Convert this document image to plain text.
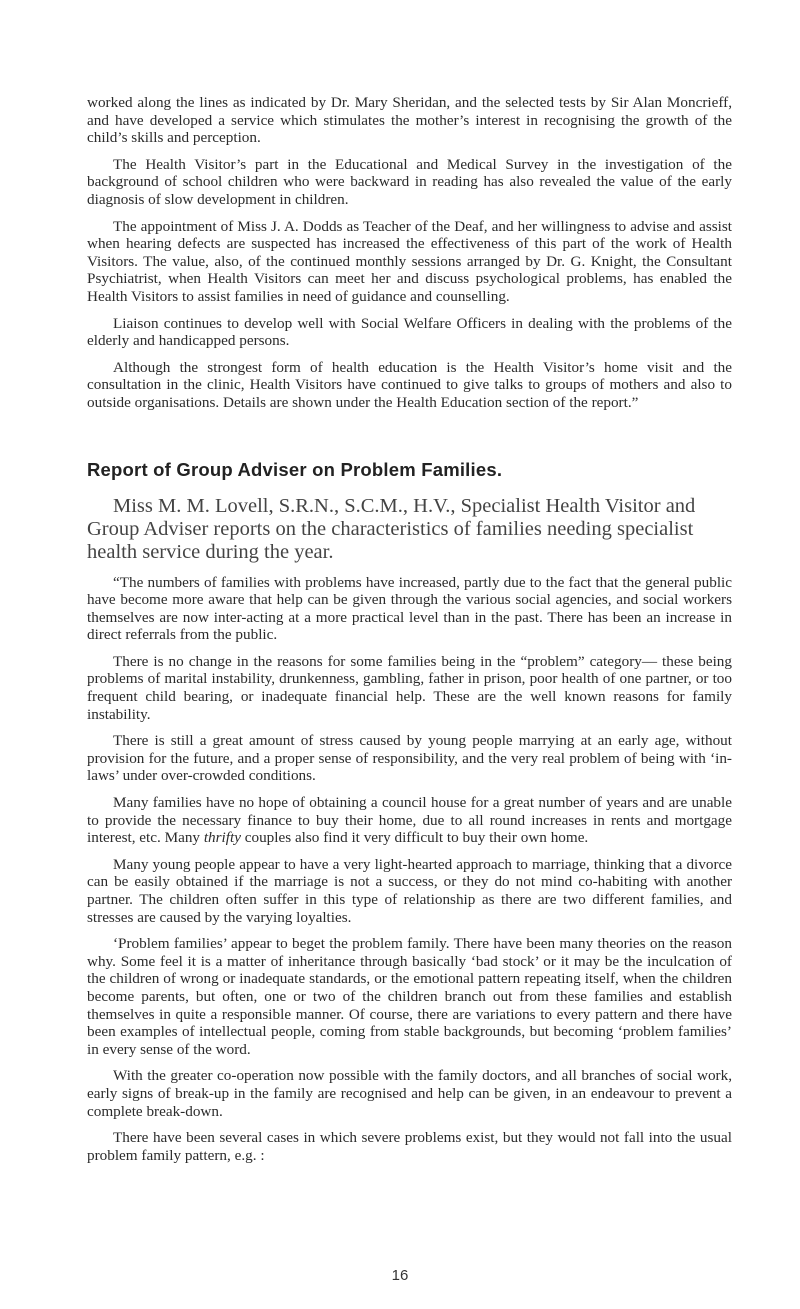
worked along the lines as indicated by Dr. Mary Sheridan, and the selected tests by Sir Alan Moncrieff, and have developed a service which stimulates the mother’s interest in recognising the growth of the child’s skills and perception.

The Health Visitor’s part in the Educational and Medical Survey in the investigation of the background of school children who were backward in reading has also revealed the value of the early diagnosis of slow development in children.

The appointment of Miss J. A. Dodds as Teacher of the Deaf, and her willingness to advise and assist when hearing defects are suspected has increased the effectiveness of this part of the work of Health Visitors. The value, also, of the continued monthly sessions arranged by Dr. G. Knight, the Consultant Psychiatrist, when Health Visitors can meet her and discuss psychological problems, has enabled the Health Visitors to assist families in need of guidance and counselling.

Liaison continues to develop well with Social Welfare Officers in dealing with the problems of the elderly and handicapped persons.

Although the strongest form of health education is the Health Visitor’s home visit and the consultation in the clinic, Health Visitors have continued to give talks to groups of mothers and also to outside organisations. Details are shown under the Health Education section of the report.”

Report of Group Adviser on Problem Families.
Miss M. M. Lovell, S.R.N., S.C.M., H.V., Specialist Health Visitor and Group Adviser reports on the characteristics of families needing specialist health service during the year.

“The numbers of families with problems have increased, partly due to the fact that the general public have become more aware that help can be given through the various social agencies, and social workers themselves are now inter-acting at a more practical level than in the past. There has been an increase in direct referrals from the public.

There is no change in the reasons for some families being in the “problem” category— these being problems of marital instability, drunkenness, gambling, father in prison, poor health of one partner, or too frequent child bearing, or inadequate financial help. These are the well known reasons for family instability.

There is still a great amount of stress caused by young people marrying at an early age, without provision for the future, and a proper sense of responsibility, and the very real problem of being with ‘in-laws’ under over-crowded conditions.

Many families have no hope of obtaining a council house for a great number of years and are unable to provide the necessary finance to buy their home, due to all round increases in rents and mortgage interest, etc. Many thrifty couples also find it very difficult to buy their own home.

Many young people appear to have a very light-hearted approach to marriage, thinking that a divorce can be easily obtained if the marriage is not a success, or they do not mind co-habiting with another partner. The children often suffer in this type of relationship as there are two different families, and stresses are caused by the varying loyalties.

‘Problem families’ appear to beget the problem family. There have been many theories on the reason why. Some feel it is a matter of inheritance through basically ‘bad stock’ or it may be the inculcation of the children of wrong or inadequate standards, or the emotional pattern repeating itself, when the children become parents, but often, one or two of the children branch out from these families and establish themselves in quite a responsible manner. Of course, there are variations to every pattern and there have been examples of intellectual people, coming from stable backgrounds, but becoming ‘problem families’ in every sense of the word.

With the greater co-operation now possible with the family doctors, and all branches of social work, early signs of break-up in the family are recognised and help can be given, in an endeavour to prevent a complete break-down.

There have been several cases in which severe problems exist, but they would not fall into the usual problem family pattern, e.g. :

16
